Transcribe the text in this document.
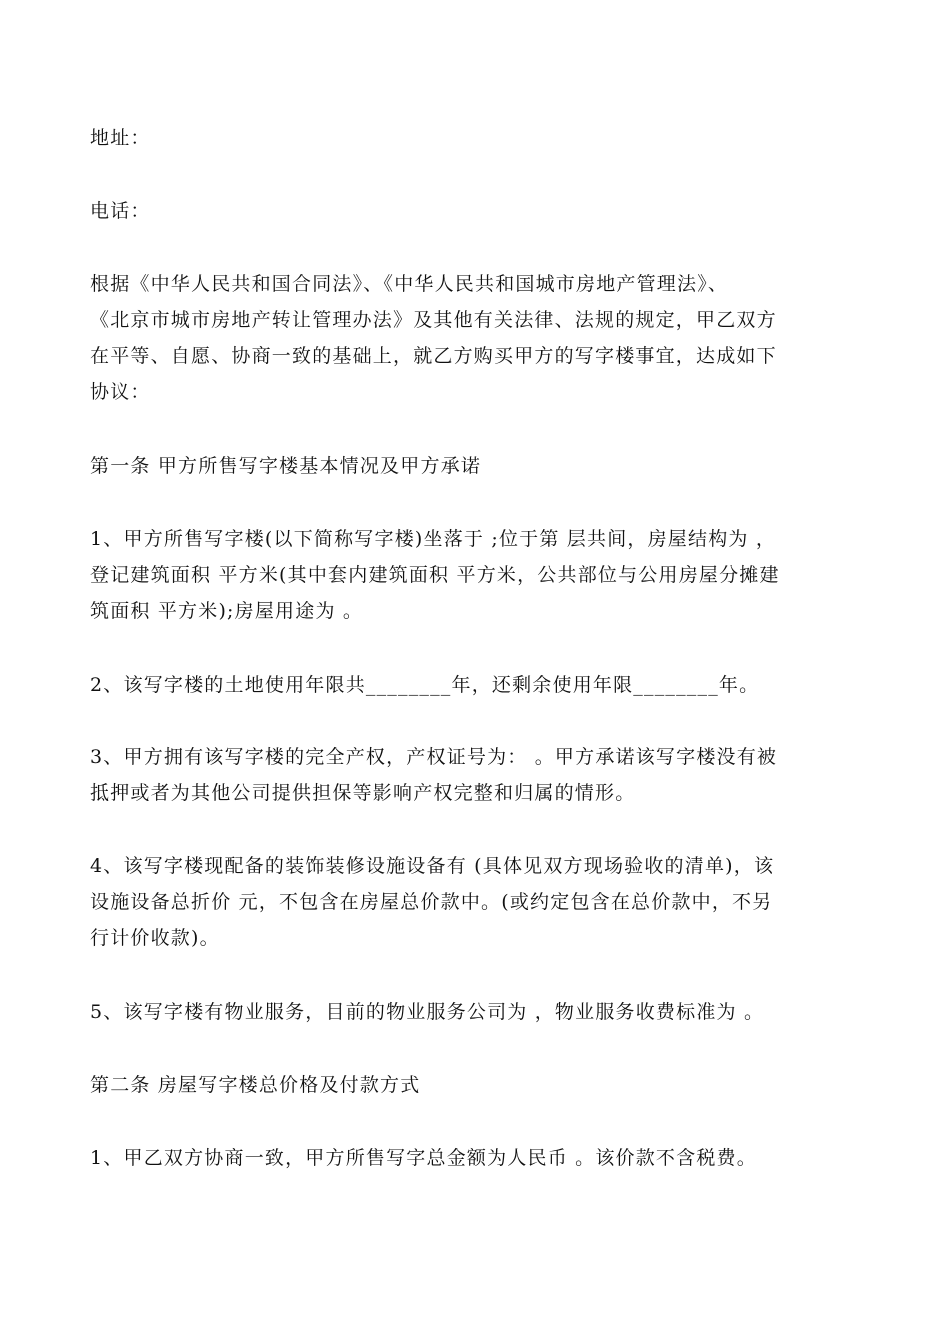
地址：

电话：

根据《中华人民共和国合同法》、《中华人民共和国城市房地产管理法》、
《北京市城市房地产转让管理办法》及其他有关法律、法规的规定，甲乙双方
在平等、自愿、协商一致的基础上，就乙方购买甲方的写字楼事宜，达成如下
协议：

第一条 甲方所售写字楼基本情况及甲方承诺

1、甲方所售写字楼(以下简称写字楼)坐落于 ;位于第 层共间，房屋结构为 ，
登记建筑面积 平方米(其中套内建筑面积 平方米，公共部位与公用房屋分摊建
筑面积 平方米);房屋用途为 。
2、该写字楼的土地使用年限共________年，还剩余使用年限________年。
3、甲方拥有该写字楼的完全产权，产权证号为： 。甲方承诺该写字楼没有被
抵押或者为其他公司提供担保等影响产权完整和归属的情形。
4、该写字楼现配备的装饰装修设施设备有 (具体见双方现场验收的清单)，该
设施设备总折价 元，不包含在房屋总价款中。(或约定包含在总价款中，不另
行计价收款)。
5、该写字楼有物业服务，目前的物业服务公司为 ，物业服务收费标准为 。

第二条 房屋写字楼总价格及付款方式

1、甲乙双方协商一致，甲方所售写字总金额为人民币 。该价款不含税费。
